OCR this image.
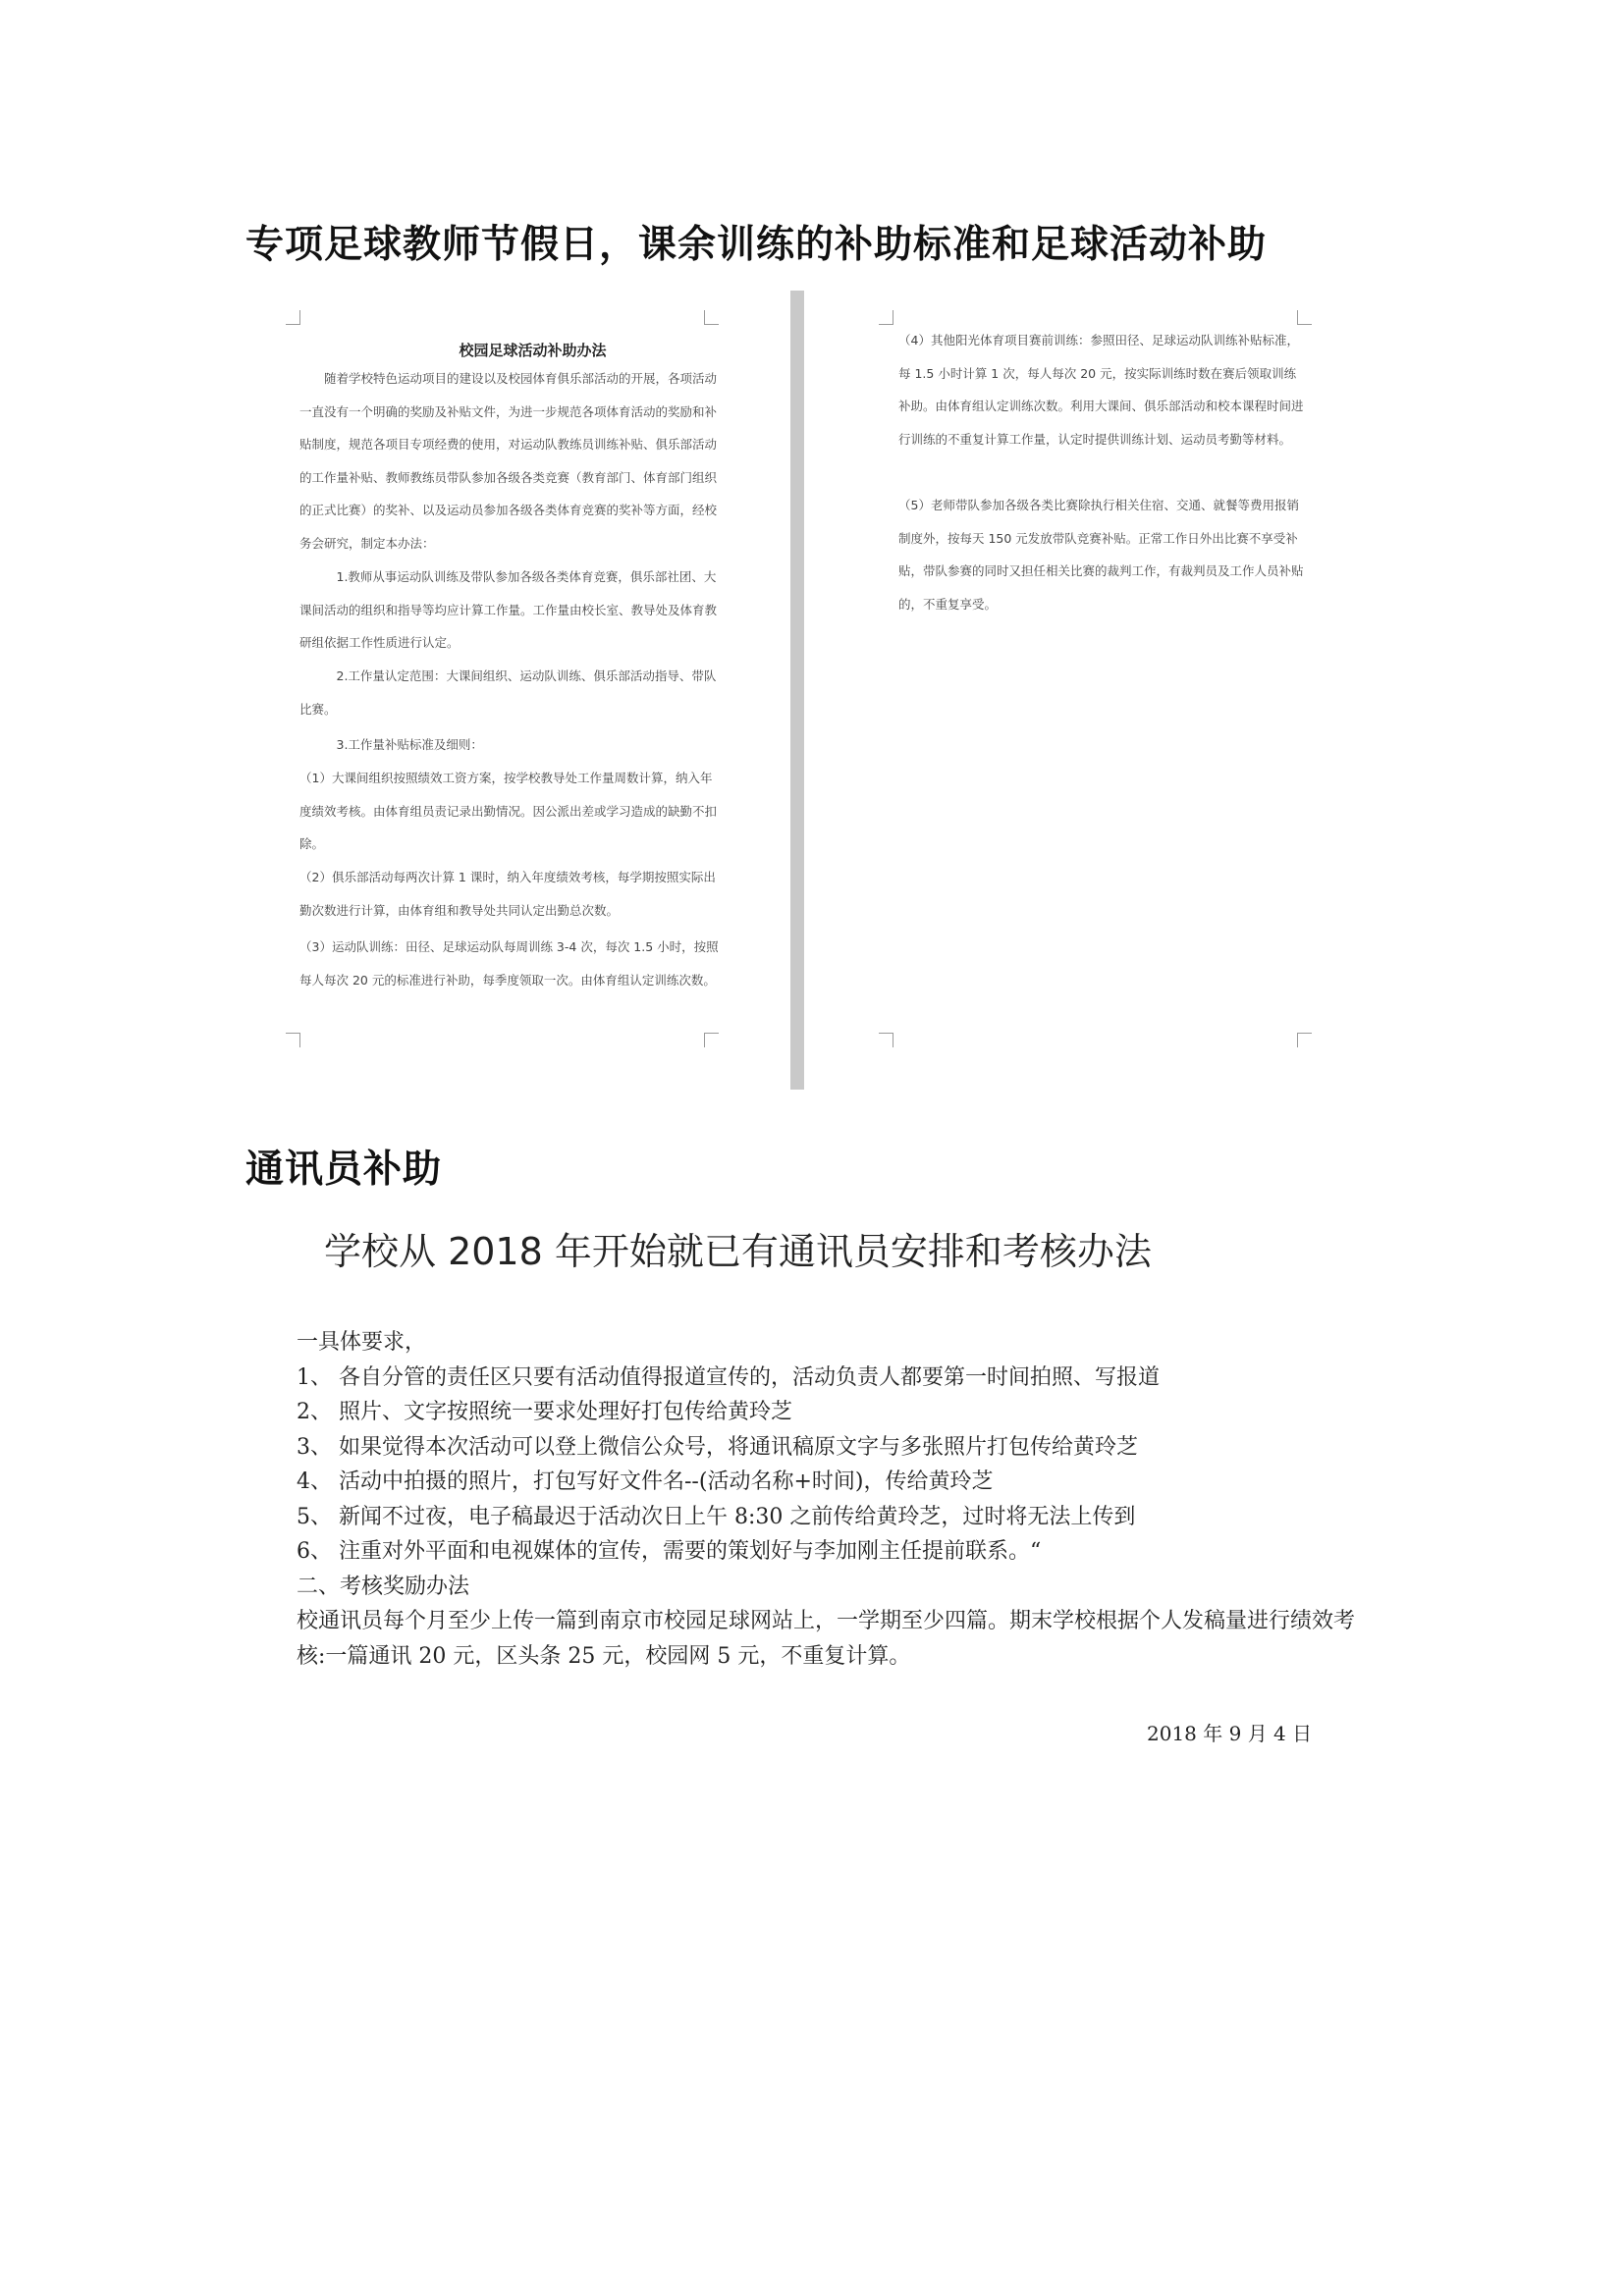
专项足球教师节假日，课余训练的补助标准和足球活动补助
校园足球活动补助办法

随着学校特色运动项目的建设以及校园体育俱乐部活动的开展，各项活动一直没有一个明确的奖励及补贴文件，为进一步规范各项体育活动的奖励和补贴制度，规范各项目专项经费的使用，对运动队教练员训练补贴、俱乐部活动的工作量补贴、教师教练员带队参加各级各类竞赛（教育部门、体育部门组织的正式比赛）的奖补、以及运动员参加各级各类体育竞赛的奖补等方面，经校务会研究，制定本办法：

1.教师从事运动队训练及带队参加各级各类体育竞赛，俱乐部社团、大课间活动的组织和指导等均应计算工作量。工作量由校长室、教导处及体育教研组依据工作性质进行认定。

2.工作量认定范围：大课间组织、运动队训练、俱乐部活动指导、带队比赛。

3.工作量补贴标准及细则：

（1）大课间组织按照绩效工资方案，按学校教导处工作量周数计算，纳入年度绩效考核。由体育组员责记录出勤情况。因公派出差或学习造成的缺勤不扣除。

（2）俱乐部活动每两次计算 1 课时，纳入年度绩效考核，每学期按照实际出勤次数进行计算，由体育组和教导处共同认定出勤总次数。

（3）运动队训练：田径、足球运动队每周训练 3-4 次，每次 1.5 小时，按照每人每次 20 元的标准进行补助，每季度领取一次。由体育组认定训练次数。

（4）其他阳光体育项目赛前训练：参照田径、足球运动队训练补贴标准，每 1.5 小时计算 1 次，每人每次 20 元，按实际训练时数在赛后领取训练补助。由体育组认定训练次数。利用大课间、俱乐部活动和校本课程时间进行训练的不重复计算工作量，认定时提供训练计划、运动员考勤等材料。

（5）老师带队参加各级各类比赛除执行相关住宿、交通、就餐等费用报销制度外，按每天 150 元发放带队竞赛补贴。正常工作日外出比赛不享受补贴，带队参赛的同时又担任相关比赛的裁判工作，有裁判员及工作人员补贴的，不重复享受。

通讯员补助
学校从 2018 年开始就已有通讯员安排和考核办法

一具体要求，

1、 各自分管的责任区只要有活动值得报道宣传的，活动负责人都要第一时间拍照、写报道

2、 照片、文字按照统一要求处理好打包传给黄玲芝

3、 如果觉得本次活动可以登上微信公众号，将通讯稿原文字与多张照片打包传给黄玲芝

4、 活动中拍摄的照片，打包写好文件名--(活动名称+时间)，传给黄玲芝

5、 新闻不过夜，电子稿最迟于活动次日上午 8:30 之前传给黄玲芝，过时将无法上传到

6、 注重对外平面和电视媒体的宣传，需要的策划好与李加刚主任提前联系。“

二、考核奖励办法

校通讯员每个月至少上传一篇到南京市校园足球网站上，一学期至少四篇。期末学校根据个人发稿量进行绩效考核:一篇通讯 20 元，区头条 25 元，校园网 5 元，不重复计算。

2018 年 9 月 4 日
